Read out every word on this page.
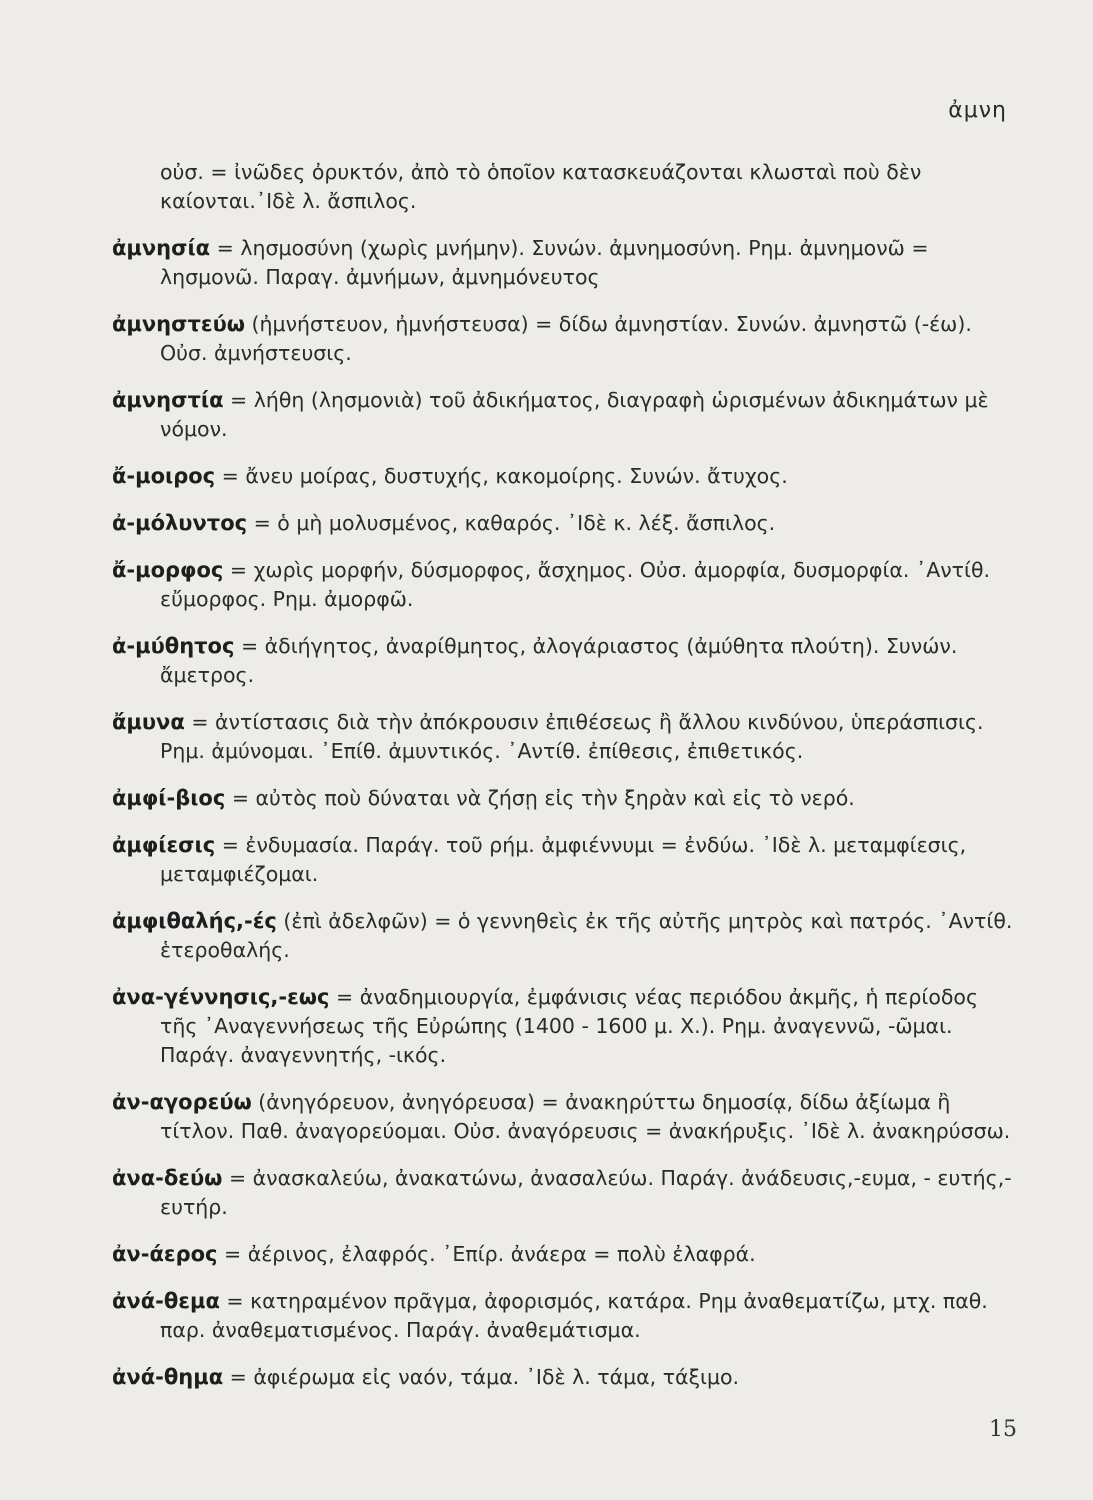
ἀμνη
οὐσ. = ἰνῶδες ὀρυκτόν, ἀπὸ τὸ ὁποῖον κατασκευάζονται κλωσταὶ ποὺ δὲν καίονται.᾿Ιδὲ λ. ἄσπιλος.
ἀμνησία = λησμοσύνη (χωρὶς μνήμην). Συνών. ἀμνημοσύνη. Ρημ. ἀμνημονῶ = λησμονῶ. Παραγ. ἀμνήμων, ἀμνημόνευτος
ἀμνηστεύω (ἠμνήστευον, ἠμνήστευσα) = δίδω ἀμνηστίαν. Συνών. ἀμνηστῶ (-έω). Οὐσ. ἀμνήστευσις.
ἀμνηστία = λήθη (λησμονιὰ) τοῦ ἀδικήματος, διαγραφὴ ὡρισμένων ἀδικημάτων μὲ νόμον.
ἄ-μοιρος = ἄνευ μοίρας, δυστυχής, κακομοίρης. Συνών. ἄτυχος.
ἀ-μόλυντος = ὁ μὴ μολυσμένος, καθαρός. ᾿Ιδὲ κ. λέξ. ἄσπιλος.
ἄ-μορφος = χωρὶς μορφήν, δύσμορφος, ἄσχημος. Οὐσ. ἀμορφία, δυσμορφία. ᾿Αντίθ. εὔμορφος. Ρημ. ἀμορφῶ.
ἀ-μύθητος = ἀδιήγητος, ἀναρίθμητος, ἀλογάριαστος (ἀμύθητα πλούτη). Συνών. ἄμετρος.
ἄμυνα = ἀντίστασις διὰ τὴν ἀπόκρουσιν ἐπιθέσεως ἢ ἄλλου κινδύνου, ὑπεράσπισις. Ρημ. ἀμύνομαι. ᾿Επίθ. ἀμυντικός. ᾿Αντίθ. ἐπίθεσις, ἐπιθετικός.
ἀμφί-βιος = αὐτὸς ποὺ δύναται νὰ ζήσῃ εἰς τὴν ξηρὰν καὶ εἰς τὸ νερό.
ἀμφίεσις = ἐνδυμασία. Παράγ. τοῦ ρήμ. ἀμφιέννυμι = ἐνδύω. ᾿Ιδὲ λ. μεταμφίεσις, μεταμφιέζομαι.
ἀμφιθαλής,-ές (ἐπὶ ἀδελφῶν) = ὁ γεννηθεὶς ἐκ τῆς αὐτῆς μητρὸς καὶ πατρός. ᾿Αντίθ. ἑτεροθαλής.
ἀνα-γέννησις,-εως = ἀναδημιουργία, ἐμφάνισις νέας περιόδου ἀκμῆς, ἡ περίοδος τῆς ᾿Αναγεννήσεως τῆς Εὐρώπης (1400 - 1600 μ. Χ.). Ρημ. ἀναγεννῶ, -ῶμαι. Παράγ. ἀναγεννητής, -ικός.
ἀν-αγορεύω (ἀνηγόρευον, ἀνηγόρευσα) = ἀνακηρύττω δημοσίᾳ, δίδω ἀξίωμα ἢ τίτλον. Παθ. ἀναγορεύομαι. Οὐσ. ἀναγόρευσις = ἀνακήρυξις. ᾿Ιδὲ λ. ἀνακηρύσσω.
ἀνα-δεύω = ἀνασκαλεύω, ἀνακατώνω, ἀνασαλεύω. Παράγ. ἀνάδευσις,-ευμα, - ευτής,-ευτήρ.
ἀν-άερος = ἀέρινος, ἐλαφρός. ᾿Επίρ. ἀνάερα = πολὺ ἐλαφρά.
ἀνά-θεμα = κατηραμένον πρᾶγμα, ἀφορισμός, κατάρα. Ρημ ἀναθεματίζω, μτχ. παθ. παρ. ἀναθεματισμένος. Παράγ. ἀναθεμάτισμα.
ἀνά-θημα = ἀφιέρωμα εἰς ναόν, τάμα. ᾿Ιδὲ λ. τάμα, τάξιμο.
15
